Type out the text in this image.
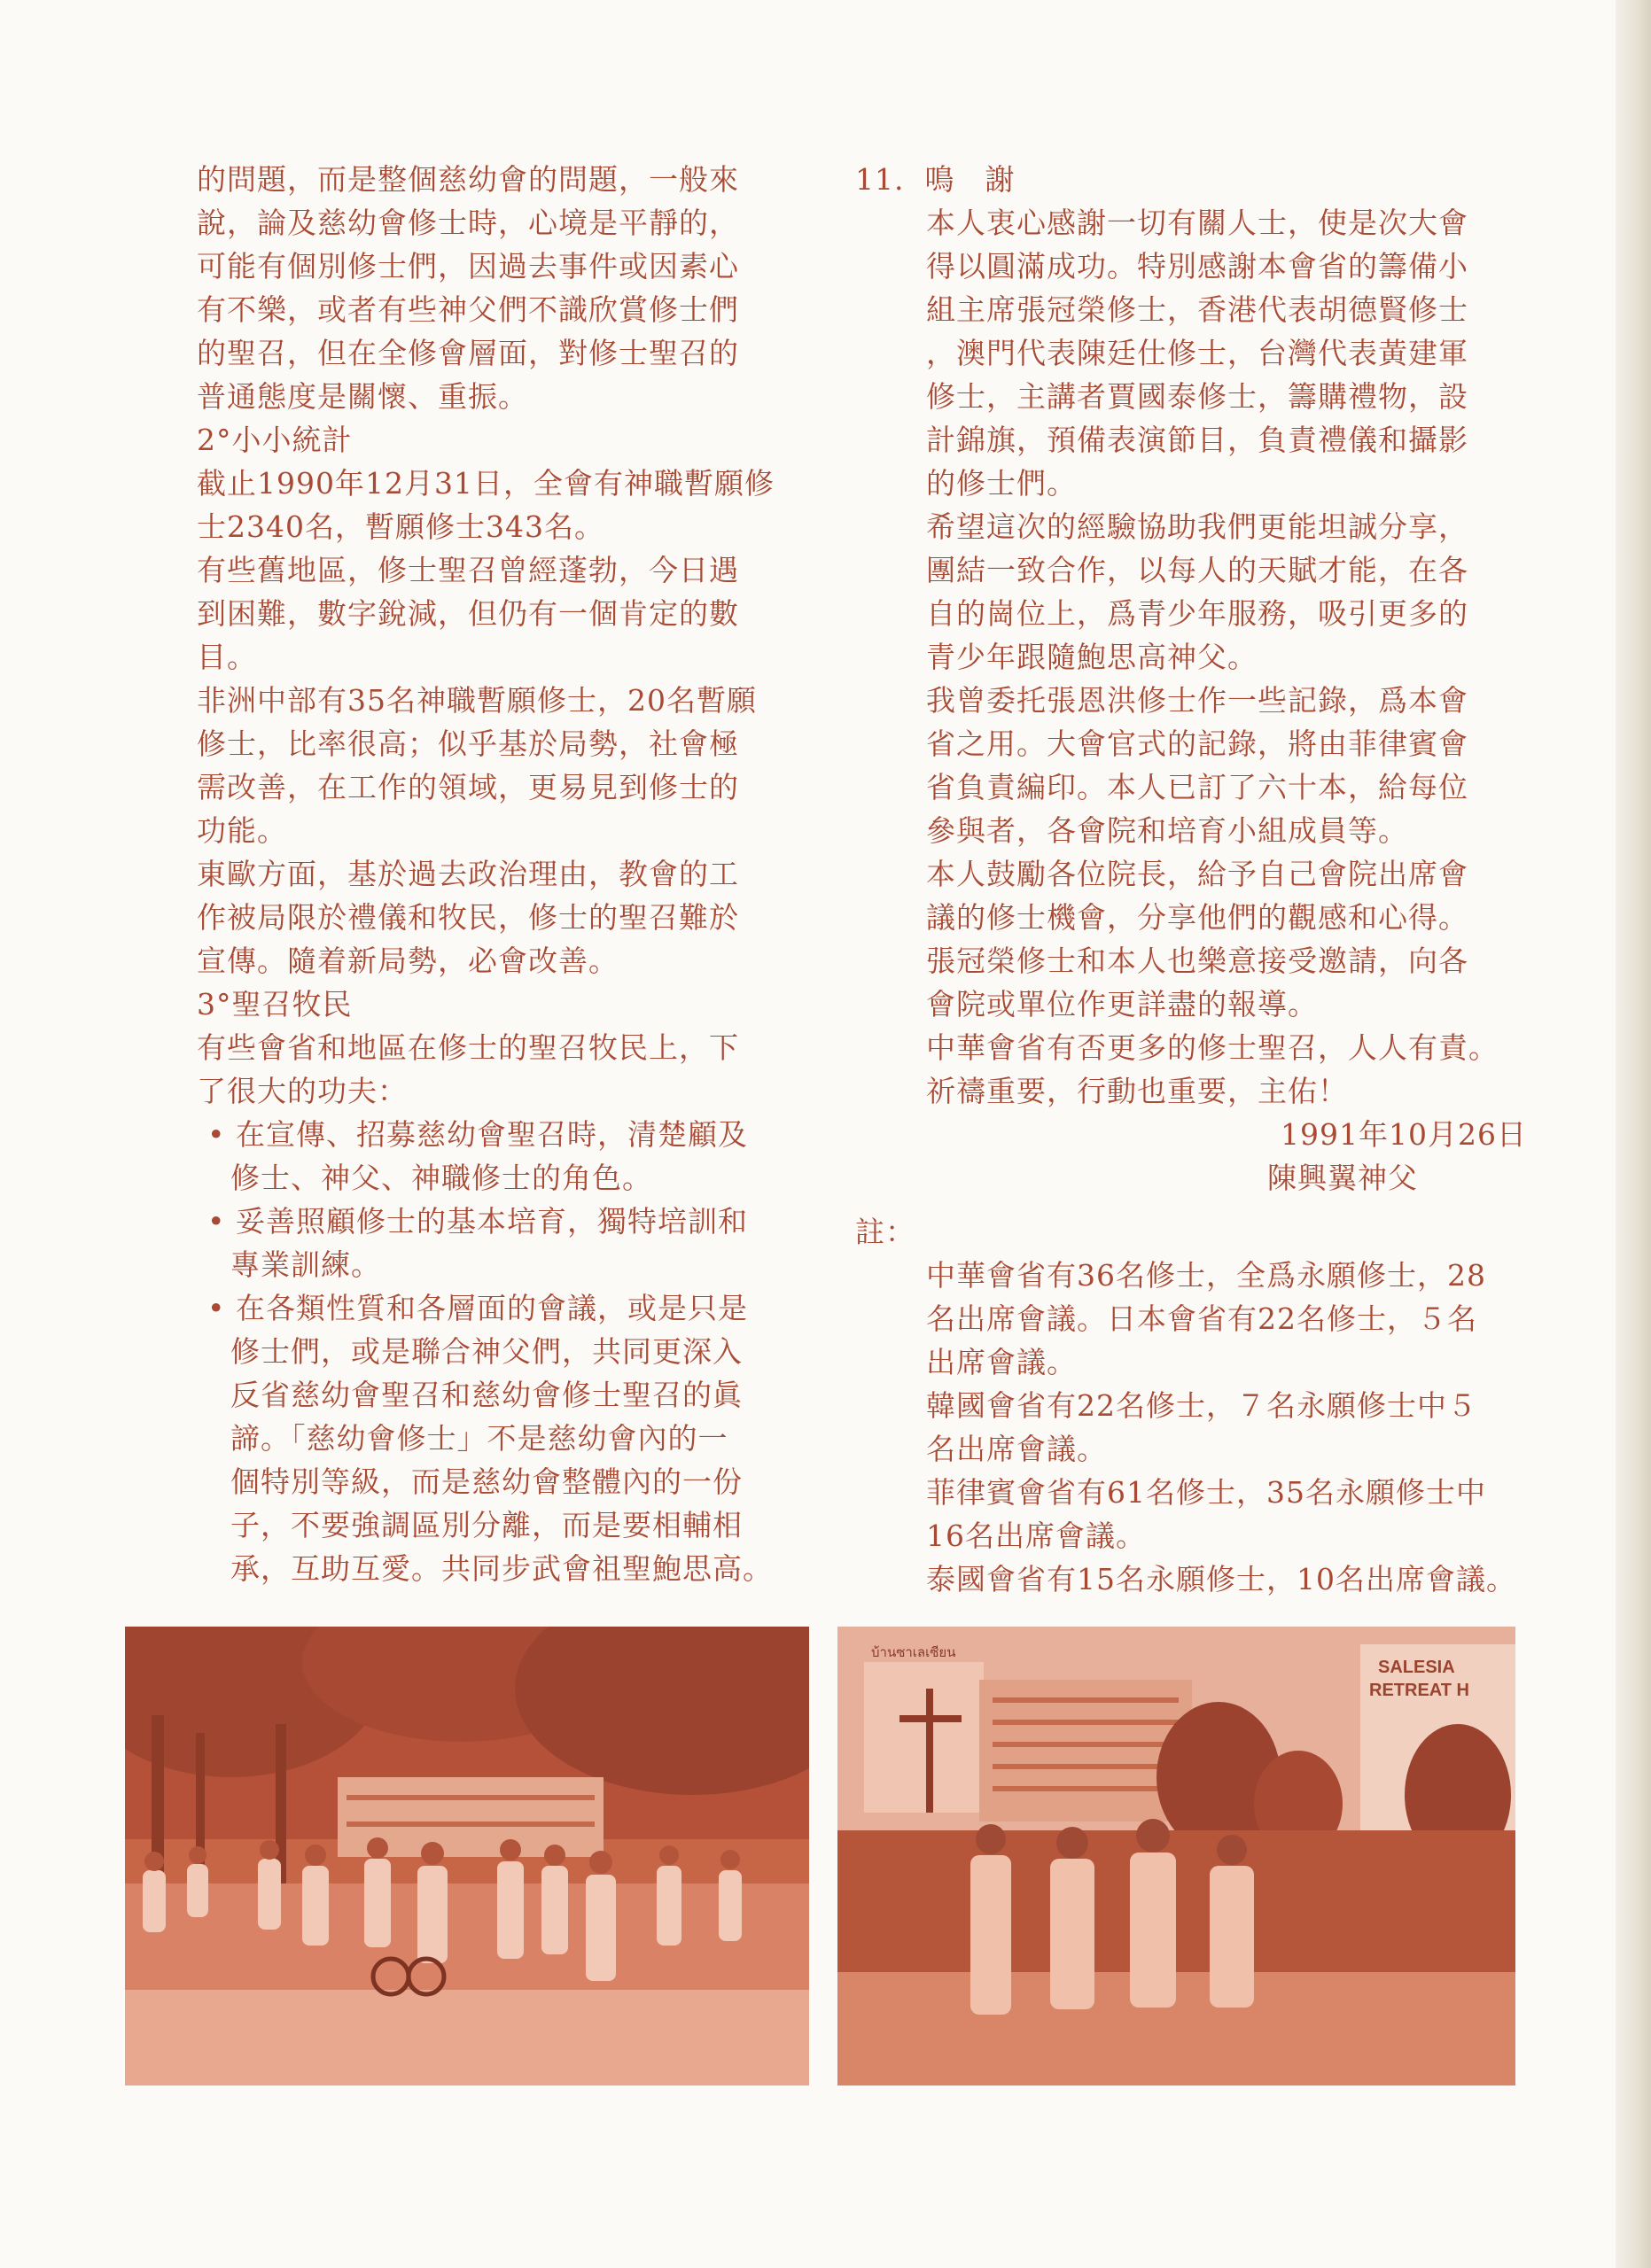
的問題，而是整個慈幼會的問題，一般來
說，論及慈幼會修士時，心境是平靜的，
可能有個別修士們，因過去事件或因素心
有不樂，或者有些神父們不識欣賞修士們
的聖召，但在全修會層面，對修士聖召的
普通態度是關懷、重振。
2°小小統計
截止1990年12月31日，全會有神職暫願修
士2340名，暫願修士343名。
有些舊地區，修士聖召曾經蓬勃，今日遇
到困難，數字銳減，但仍有一個肯定的數
目。
非洲中部有35名神職暫願修士，20名暫願
修士，比率很高；似乎基於局勢，社會極
需改善，在工作的領域，更易見到修士的
功能。
東歐方面，基於過去政治理由，教會的工
作被局限於禮儀和牧民，修士的聖召難於
宣傳。隨着新局勢，必會改善。
3°聖召牧民
有些會省和地區在修士的聖召牧民上，下
了很大的功夫：
• 在宣傳、招募慈幼會聖召時，清楚顧及
修士、神父、神職修士的角色。
• 妥善照顧修士的基本培育，獨特培訓和
專業訓練。
• 在各類性質和各層面的會議，或是只是
修士們，或是聯合神父們，共同更深入
反省慈幼會聖召和慈幼會修士聖召的眞
諦。「慈幼會修士」不是慈幼會內的一
個特別等級，而是慈幼會整體內的一份
子，不要強調區別分離，而是要相輔相
承，互助互愛。共同步武會祖聖鮑思高。
11.  鳴　謝
本人衷心感謝一切有關人士，使是次大會
得以圓滿成功。特別感謝本會省的籌備小
組主席張冠榮修士，香港代表胡德賢修士
，澳門代表陳廷仕修士，台灣代表黃建軍
修士，主講者賈國泰修士，籌購禮物，設
計錦旗，預備表演節目，負責禮儀和攝影
的修士們。
希望這次的經驗協助我們更能坦誠分享，
團結一致合作，以每人的天賦才能，在各
自的崗位上，爲青少年服務，吸引更多的
青少年跟隨鮑思高神父。
我曾委托張恩洪修士作一些記錄，爲本會
省之用。大會官式的記錄，將由菲律賓會
省負責編印。本人已訂了六十本，給每位
參與者，各會院和培育小組成員等。
本人鼓勵各位院長，給予自己會院出席會
議的修士機會，分享他們的觀感和心得。
張冠榮修士和本人也樂意接受邀請，向各
會院或單位作更詳盡的報導。
中華會省有否更多的修士聖召，人人有責。
祈禱重要，行動也重要，主佑！
1991年10月26日
陳興翼神父
註：
中華會省有36名修士，全爲永願修士，28
名出席會議。日本會省有22名修士，５名
出席會議。
韓國會省有22名修士，７名永願修士中５
名出席會議。
菲律賓會省有61名修士，35名永願修士中
16名出席會議。
泰國會省有15名永願修士，10名出席會議。
SALESIA
RETREAT H
บ้านซาเลเซียน
